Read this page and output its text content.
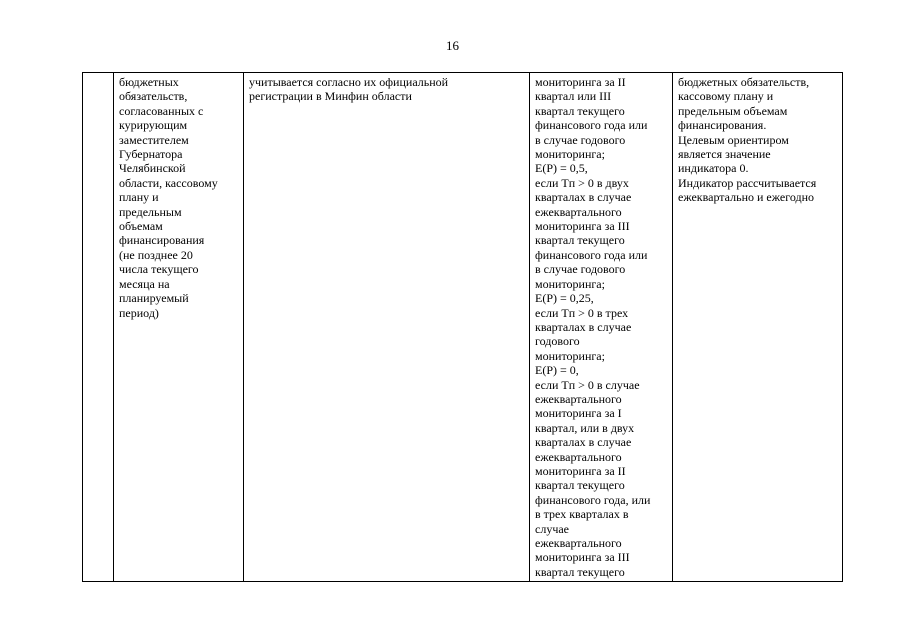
16

бюджетных
обязательств,
согласованных с
курирующим
заместителем
Губернатора
Челябинской
области, кассовому
плану и
предельным
объемам
финансирования
(не позднее 20
числа текущего
месяца на
планируемый
период)

учитывается согласно их официальной
регистрации в Минфин области

мониторинга за II
квартал или III
квартал текущего
финансового года или
в случае годового
мониторинга;
E(P) = 0,5,
если Tп > 0 в двух
кварталах в случае
ежеквартального
мониторинга за III
квартал текущего
финансового года или
в случае годового
мониторинга;
E(P) = 0,25,
если Tп > 0 в трех
кварталах в случае
годового
мониторинга;
E(P) = 0,
если Tп > 0 в случае
ежеквартального
мониторинга за I
квартал, или в двух
кварталах в случае
ежеквартального
мониторинга за II
квартал текущего
финансового года, или
в трех кварталах в
случае
ежеквартального
мониторинга за III
квартал текущего

бюджетных обязательств,
кассовому плану и
предельным объемам
финансирования.
Целевым ориентиром
является значение
индикатора 0.
Индикатор рассчитывается
ежеквартально и ежегодно
